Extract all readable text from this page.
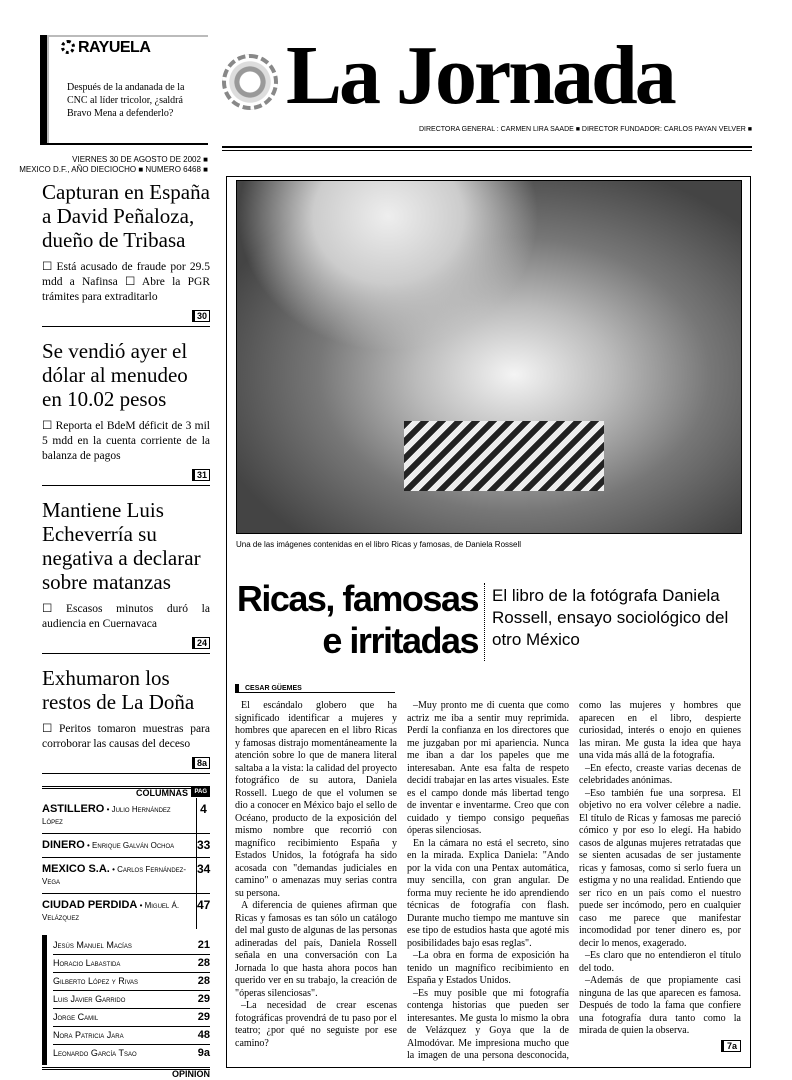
RAYUELA
Después de la andanada de la CNC al líder tricolor, ¿saldrá Bravo Mena a defenderlo?
VIERNES 30 DE AGOSTO DE 2002 ■
MEXICO D.F., AÑO DIECIOCHO ■ NUMERO 6468 ■
La Jornada
DIRECTORA GENERAL : CARMEN LIRA SAADE ■ DIRECTOR FUNDADOR: CARLOS PAYAN VELVER ■
Capturan en España a David Peñaloza, dueño de Tribasa
☐ Está acusado de fraude por 29.5 mdd a Nafinsa ☐ Abre la PGR trámites para extraditarlo
30
Se vendió ayer el dólar al menudeo en 10.02 pesos
☐ Reporta el BdeM déficit de 3 mil 5 mdd en la cuenta corriente de la balanza de pagos
31
Mantiene Luis Echeverría su negativa a declarar sobre matanzas
☐ Escasos minutos duró la audiencia en Cuernavaca
24
Exhumaron los restos de La Doña
☐ Peritos tomaron muestras para corroborar las causas del deceso
8a
COLUMNAS	PAG
ASTILLERO • Julio Hernández López
4
DINERO • Enrique Galván Ochoa 33
MEXICO S.A. • Carlos Fernández-Vega
34
CIUDAD PERDIDA • Miguel Á. Velázquez
47
Jesús Manuel Macías	21
Horacio Labastida	28
Gilberto López y Rivas	28
Luis Javier Garrido	29
Jorge Camil	29
Nora Patricia Jara	48
Leonardo García Tsao	9a
OPINION
Una de las imágenes contenidas en el libro Ricas y famosas, de Daniela Rossell
Ricas, famosas
e irritadas
El libro de la fotógrafa Daniela Rossell, ensayo sociológico del otro México
CESAR GÜEMES

El escándalo globero que ha significado identificar a mujeres y hombres que aparecen en el libro Ricas y famosas distrajo momentáneamente la atención sobre lo que de manera literal saltaba a la vista: la calidad del proyecto fotográfico de su autora, Daniela Rossell. Luego de que el volumen se dio a conocer en México bajo el sello de Océano, producto de la exposición del mismo nombre que recorrió con magnífico recibimiento España y Estados Unidos, la fotógrafa ha sido acosada con "demandas judiciales en camino" o amenazas muy serias contra su persona.

A diferencia de quienes afirman que Ricas y famosas es tan sólo un catálogo del mal gusto de algunas de las personas adineradas del país, Daniela Rossell señala en una conversación con La Jornada lo que hasta ahora pocos han querido ver en su trabajo, la creación de "óperas silenciosas".

–La necesidad de crear escenas fotográficas provendrá de tu paso por el teatro; ¿por qué no seguiste por ese camino?

–Muy pronto me di cuenta que como actriz me iba a sentir muy reprimida. Perdí la confianza en los directores que me juzgaban por mi apariencia. Nunca me iban a dar los papeles que me interesaban. Ante esa falta de respeto decidí trabajar en las artes visuales. Este es el campo donde más libertad tengo de inventar e inventarme. Creo que con cuidado y tiempo consigo pequeñas óperas silenciosas.

En la cámara no está el secreto, sino en la mirada. Explica Daniela: "Ando por la vida con una Pentax automática, muy sencilla, con gran angular. De forma muy reciente he ido aprendiendo técnicas de fotografía con flash. Durante mucho tiempo me mantuve sin ese tipo de estudios hasta que agoté mis posibilidades bajo esas reglas".

–La obra en forma de exposición ha tenido un magnífico recibimiento en España y Estados Unidos.

–Es muy posible que mi fotografía contenga historias que pueden ser interesantes. Me gusta lo mismo la obra de Velázquez y Goya que la de Almodóvar. Me impresiona mucho que la imagen de una persona desconocida, como las mujeres y hombres que aparecen en el libro, despierte curiosidad, interés o enojo en quienes las miran. Me gusta la idea que haya una vida más allá de la fotografía.

–En efecto, creaste varias decenas de celebridades anónimas.

–Eso también fue una sorpresa. El objetivo no era volver célebre a nadie. El título de Ricas y famosas me pareció cómico y por eso lo elegí. Ha habido casos de algunas mujeres retratadas que se sienten acusadas de ser justamente ricas y famosas, como si serlo fuera un estigma y no una realidad. Entiendo que ser rico en un país como el nuestro puede ser incómodo, pero en cualquier caso me parece que manifestar incomodidad por tener dinero es, por decir lo menos, exagerado.

–Es claro que no entendieron el título del todo.

–Además de que propiamente casi ninguna de las que aparecen es famosa. Después de todo la fama que confiere una fotografía dura tanto como la mirada de quien la observa.

7a
